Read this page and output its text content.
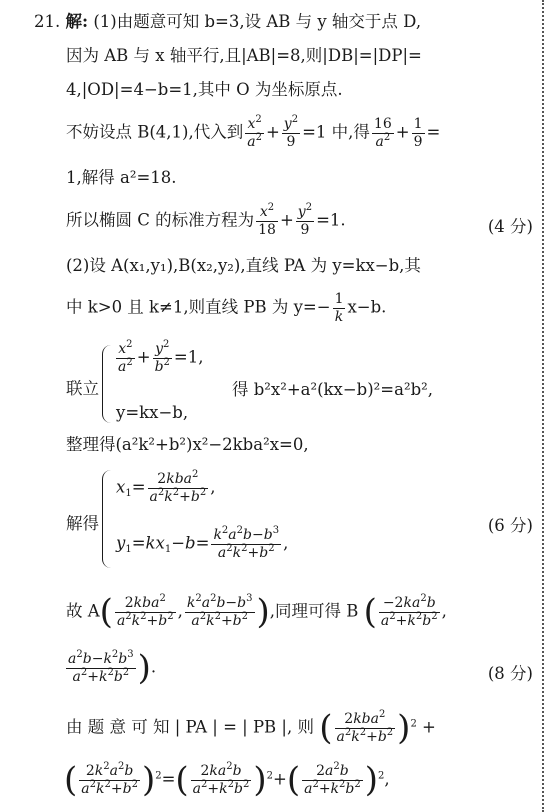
21. 解: (1)由题意可知 b=3,设 AB 与 y 轴交于点 D,
因为 AB 与 x 轴平行,且|AB|=8,则|DB|=|DP|=
4,|OD|=4−b=1,其中 O 为坐标原点.
不妨设点 B(4,1),代入到 $\frac{x^2}{a^2} + \frac{y^2}{9} =1$ 中,得 $\frac{16}{a^2} + \frac{1}{9}$ =
1,解得 a²=18.
所以椭圆 C 的标准方程为 $\frac{x^2}{18} + \frac{y^2}{9} =1$.	(4 分)
(2)设 A(x₁,y₁),B(x₂,y₂),直线 PA 为 y=kx−b,其
中 k>0 且 k≠1,则直线 PB 为 $y=- \frac{1}{k} x-b$.
联立
$\frac{x^2}{a^2} + \frac{y^2}{b^2} =1$,
y=kx−b,
得 b²x²+a²(kx−b)²=a²b²,
整理得(a²k²+b²)x²−2kba²x=0,
解得
$x_1= \frac{2kba^2}{a^2k^2+b^2}$ ,
$y_1=kx_1-b= \frac{k^2a^2b-b^3}{a^2k^2+b^2}$ ,
(6 分)
故 $A( \frac{2kba^2}{a^2k^2+b^2}$ , $\frac{k^2a^2b-b^3}{a^2k^2+b^2}$ ),同理可得 B ( $\frac{-2ka^2b}{a^2+k^2b^2}$ ,
$\frac{a^2b-k^2b^3}{a^2+k^2b^2}$ ).	(8 分)
由 题 意 可 知 | PA | = | PB |, 则 ( $\frac{2kba^2}{a^2k^2+b^2} )^2$ +
( $\frac{2k^2a^2b}{a^2k^2+b^2} )^2=( \frac{2ka^2b}{a^2+k^2b^2} )^2+( \frac{2a^2b}{a^2+k^2b^2} )^2$,
